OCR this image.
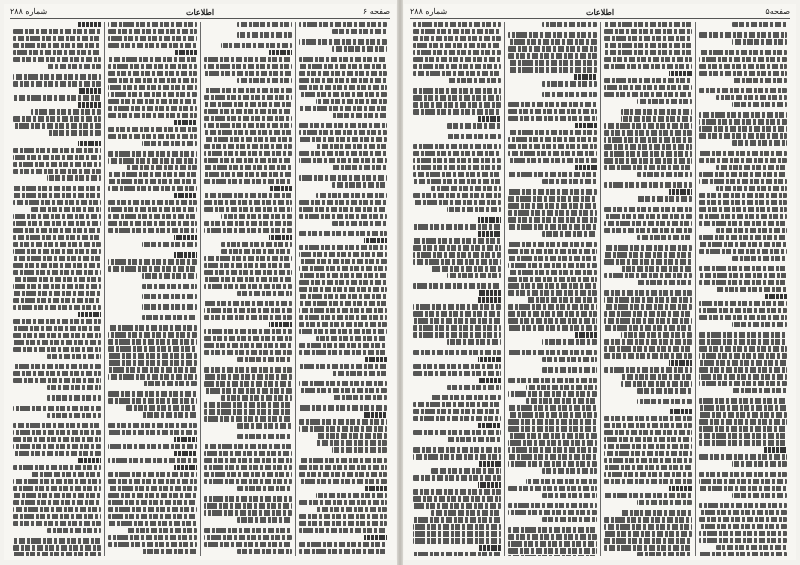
صفحه ۶
اطلاعات
شماره ۲۸۸	صفحه۵
اطلاعات
شماره ۲۸۸
